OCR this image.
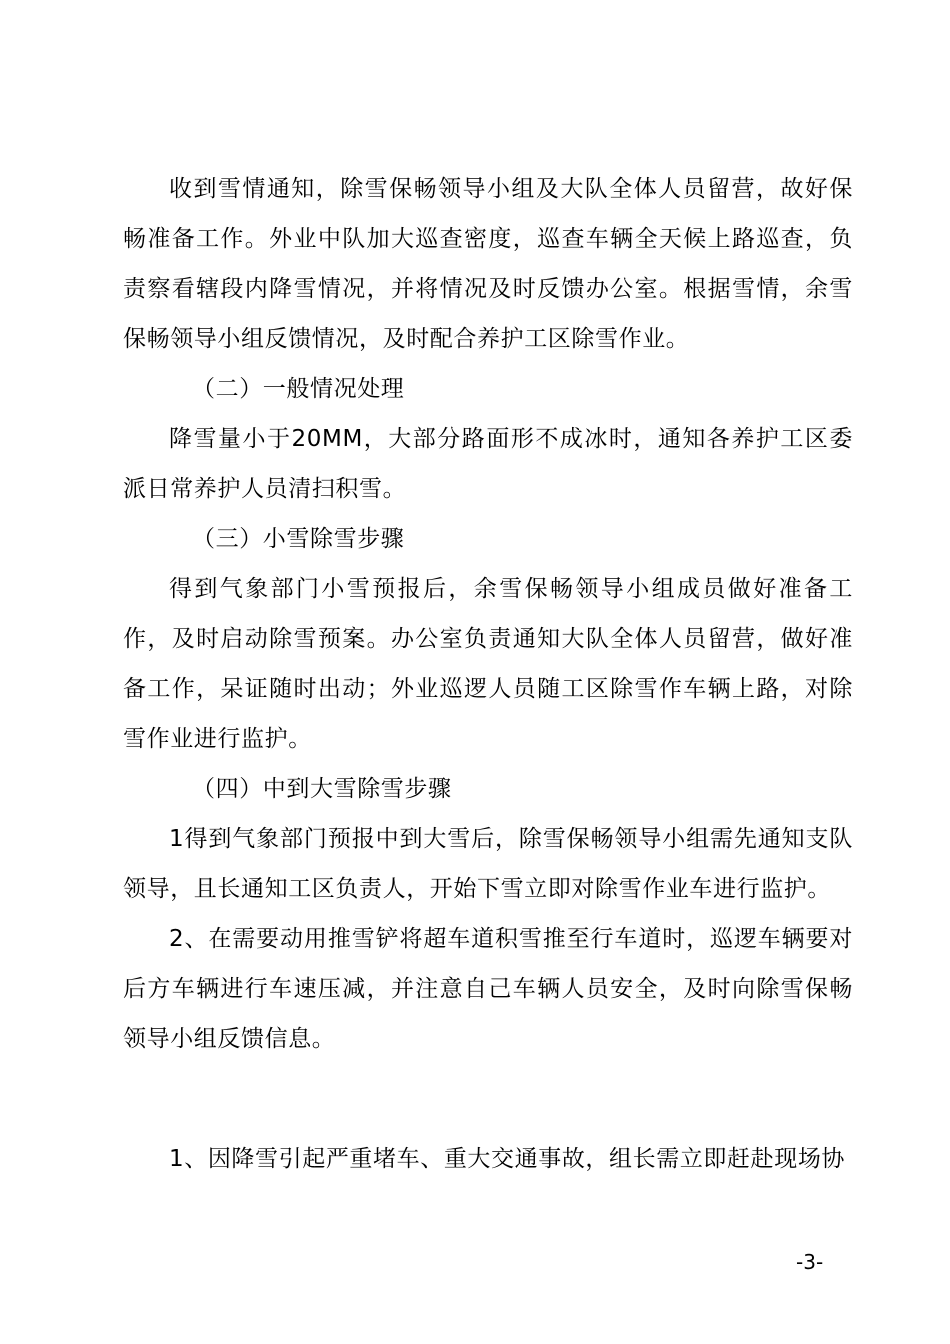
收到雪情通知，除雪保畅领导小组及大队全体人员留营，故好保畅准备工作。外业中队加大巡查密度，巡查车辆全天候上路巡查，负责察看辖段内降雪情况，并将情况及时反馈办公室。根据雪情，余雪保畅领导小组反馈情况，及时配合养护工区除雪作业。

（二）一般情况处理

降雪量小于20MM，大部分路面形不成冰时，通知各养护工区委派日常养护人员清扫积雪。

（三）小雪除雪步骤

得到气象部门小雪预报后，余雪保畅领导小组成员做好准备工作，及时启动除雪预案。办公室负责通知大队全体人员留营，做好准备工作，呆证随时出动；外业巡逻人员随工区除雪作车辆上路，对除雪作业进行监护。

（四）中到大雪除雪步骤

1得到气象部门预报中到大雪后，除雪保畅领导小组需先通知支队领导，且长通知工区负责人，开始下雪立即对除雪作业车进行监护。

2、在需要动用推雪铲将超车道积雪推至行车道时，巡逻车辆要对后方车辆进行车速压减，并注意自己车辆人员安全，及时向除雪保畅领导小组反馈信息。

1、因降雪引起严重堵车、重大交通事故，组长需立即赶赴现场协

-3-
